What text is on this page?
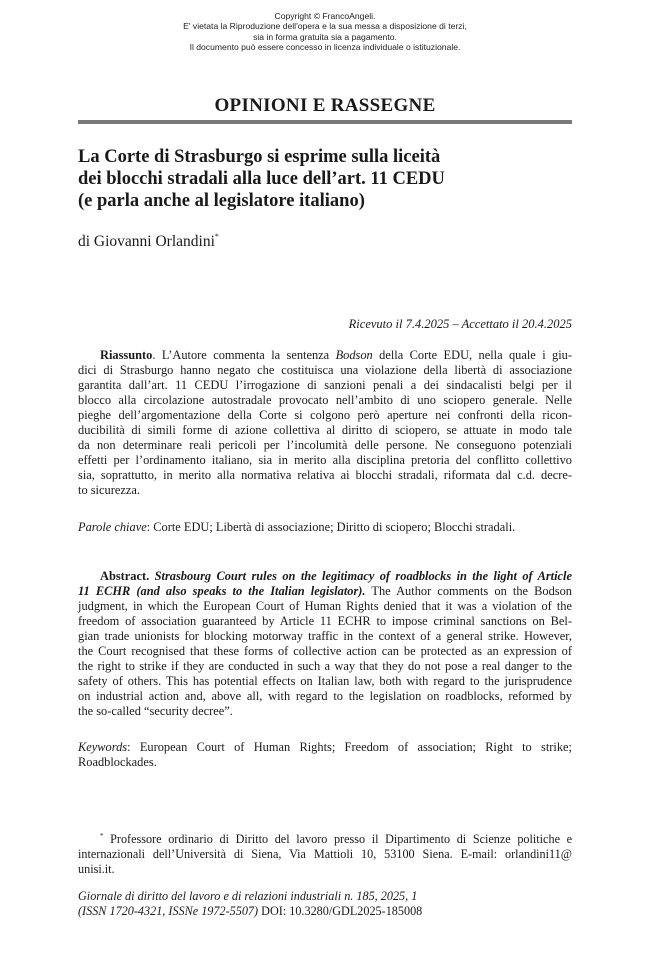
Copyright © FrancoAngeli.
E' vietata la Riproduzione dell'opera e la sua messa a disposizione di terzi,
sia in forma gratuita sia a pagamento.
Il documento può essere concesso in licenza individuale o istituzionale.
OPINIONI E RASSEGNE
La Corte di Strasburgo si esprime sulla liceità
dei blocchi stradali alla luce dell’art. 11 CEDU
(e parla anche al legislatore italiano)
di Giovanni Orlandini*
Ricevuto il 7.4.2025 – Accettato il 20.4.2025
Riassunto. L’Autore commenta la sentenza Bodson della Corte EDU, nella quale i giu-
dici di Strasburgo hanno negato che costituisca una violazione della libertà di associazione
garantita dall’art. 11 CEDU l’irrogazione di sanzioni penali a dei sindacalisti belgi per il
blocco alla circolazione autostradale provocato nell’ambito di uno sciopero generale. Nelle
pieghe dell’argomentazione della Corte si colgono però aperture nei confronti della ricon-
ducibilità di simili forme di azione collettiva al diritto di sciopero, se attuate in modo tale
da non determinare reali pericoli per l’incolumità delle persone. Ne conseguono potenziali
effetti per l’ordinamento italiano, sia in merito alla disciplina pretoria del conflitto collettivo
sia, soprattutto, in merito alla normativa relativa ai blocchi stradali, riformata dal c.d. decre-
to sicurezza.
Parole chiave: Corte EDU; Libertà di associazione; Diritto di sciopero; Blocchi stradali.
Abstract. Strasbourg Court rules on the legitimacy of roadblocks in the light of Article
11 ECHR (and also speaks to the Italian legislator). The Author comments on the Bodson
judgment, in which the European Court of Human Rights denied that it was a violation of the
freedom of association guaranteed by Article 11 ECHR to impose criminal sanctions on Bel-
gian trade unionists for blocking motorway traffic in the context of a general strike. However,
the Court recognised that these forms of collective action can be protected as an expression of
the right to strike if they are conducted in such a way that they do not pose a real danger to the
safety of others. This has potential effects on Italian law, both with regard to the jurisprudence
on industrial action and, above all, with regard to the legislation on roadblocks, reformed by
the so-called “security decree”.
Keywords: European Court of Human Rights; Freedom of association; Right to strike;
Roadblockades.
* Professore ordinario di Diritto del lavoro presso il Dipartimento di Scienze politiche e
internazionali dell’Università di Siena, Via Mattioli 10, 53100 Siena. E-mail: orlandini11@
unisi.it.
Giornale di diritto del lavoro e di relazioni industriali n. 185, 2025, 1
(ISSN 1720-4321, ISSNe 1972-5507) DOI: 10.3280/GDL2025-185008
